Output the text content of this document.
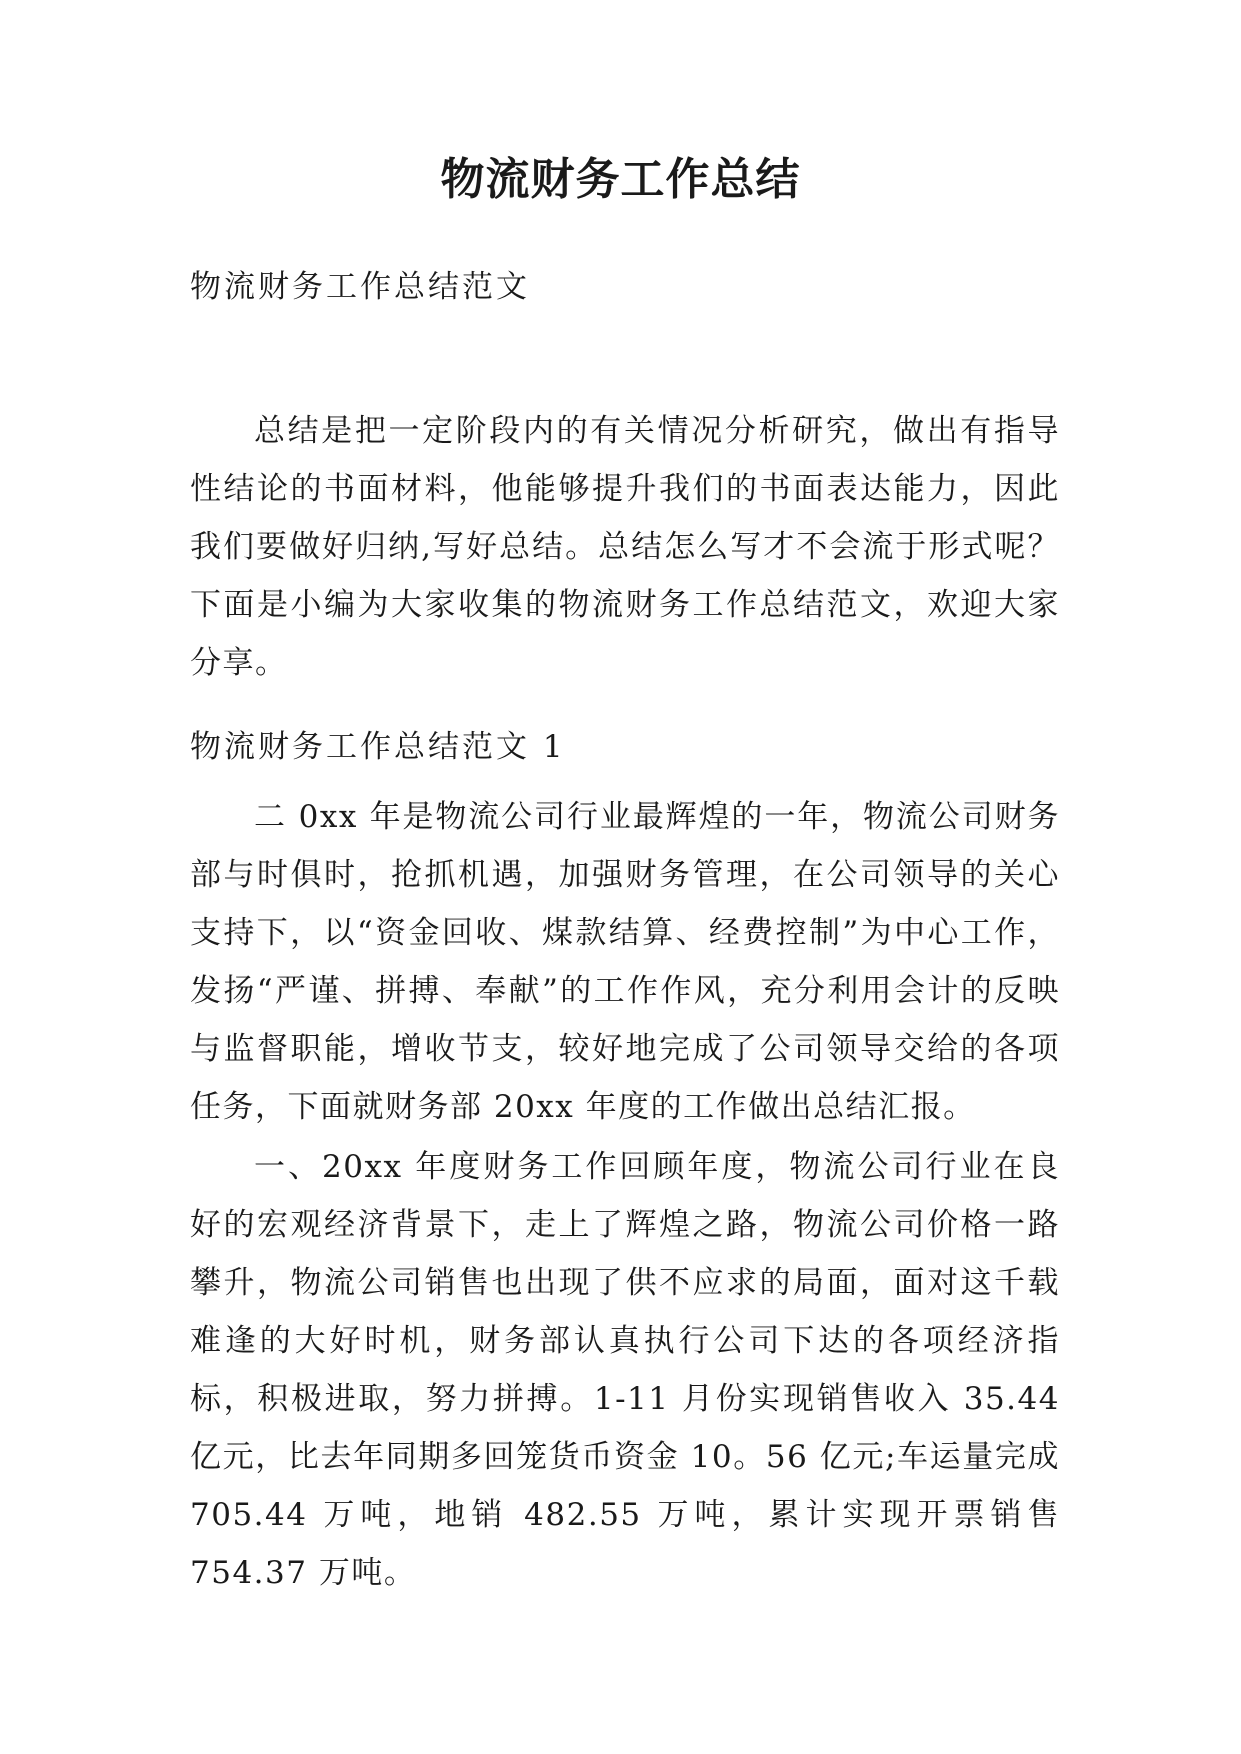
物流财务工作总结
物流财务工作总结范文

总结是把一定阶段内的有关情况分析研究，做出有指导性结论的书面材料，他能够提升我们的书面表达能力，因此我们要做好归纳,写好总结。总结怎么写才不会流于形式呢？下面是小编为大家收集的物流财务工作总结范文，欢迎大家分享。

物流财务工作总结范文 1

二 0xx 年是物流公司行业最辉煌的一年，物流公司财务部与时俱时，抢抓机遇，加强财务管理，在公司领导的关心支持下，以“资金回收、煤款结算、经费控制”为中心工作，发扬“严谨、拼搏、奉献”的工作作风，充分利用会计的反映与监督职能，增收节支，较好地完成了公司领导交给的各项任务，下面就财务部 20xx 年度的工作做出总结汇报。

一、20xx 年度财务工作回顾年度，物流公司行业在良好的宏观经济背景下，走上了辉煌之路，物流公司价格一路攀升，物流公司销售也出现了供不应求的局面，面对这千载难逢的大好时机，财务部认真执行公司下达的各项经济指标，积极进取，努力拼搏。1-11 月份实现销售收入 35.44 亿元，比去年同期多回笼货币资金 10。56 亿元;车运量完成 705.44 万吨，地销 482.55 万吨，累计实现开票销售 754.37 万吨。
